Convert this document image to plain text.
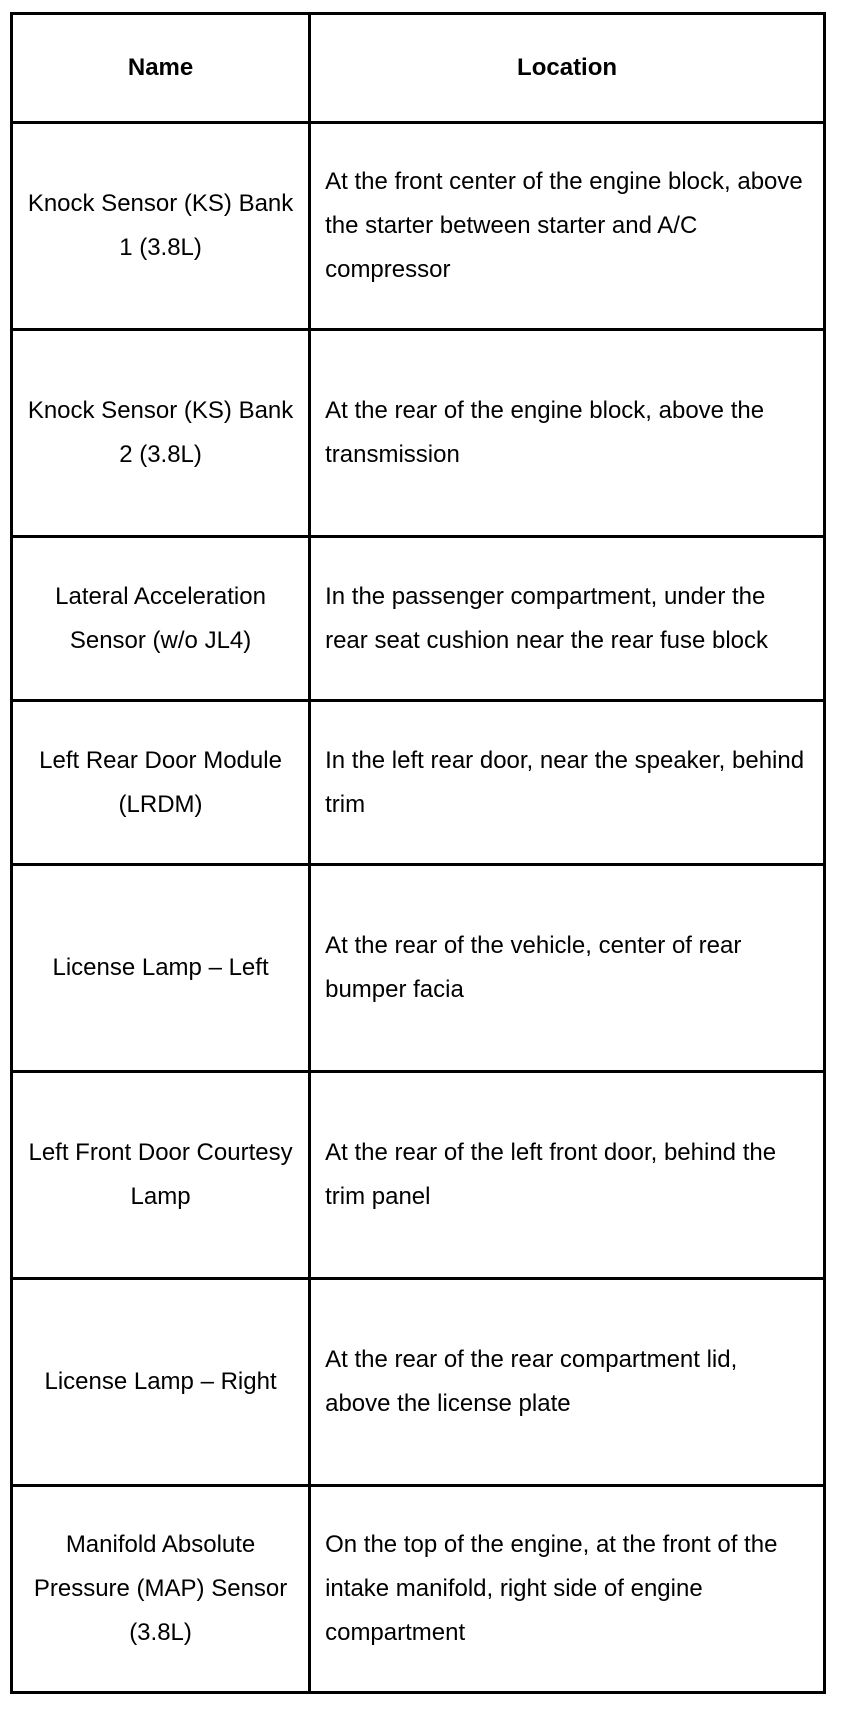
Name	Location
Knock Sensor (KS) Bank 1 (3.8L)	At the front center of the engine block, above the starter between starter and A/C compressor
Knock Sensor (KS) Bank 2 (3.8L)	At the rear of the engine block, above the transmission
Lateral Acceleration Sensor (w/o JL4)	In the passenger compartment, under the rear seat cushion near the rear fuse block
Left Rear Door Module (LRDM)	In the left rear door, near the speaker, behind trim
License Lamp – Left	At the rear of the vehicle, center of rear bumper facia
Left Front Door Courtesy Lamp	At the rear of the left front door, behind the trim panel
License Lamp – Right	At the rear of the rear compartment lid, above the license plate
Manifold Absolute Pressure (MAP) Sensor (3.8L)	On the top of the engine, at the front of the intake manifold, right side of engine compartment
